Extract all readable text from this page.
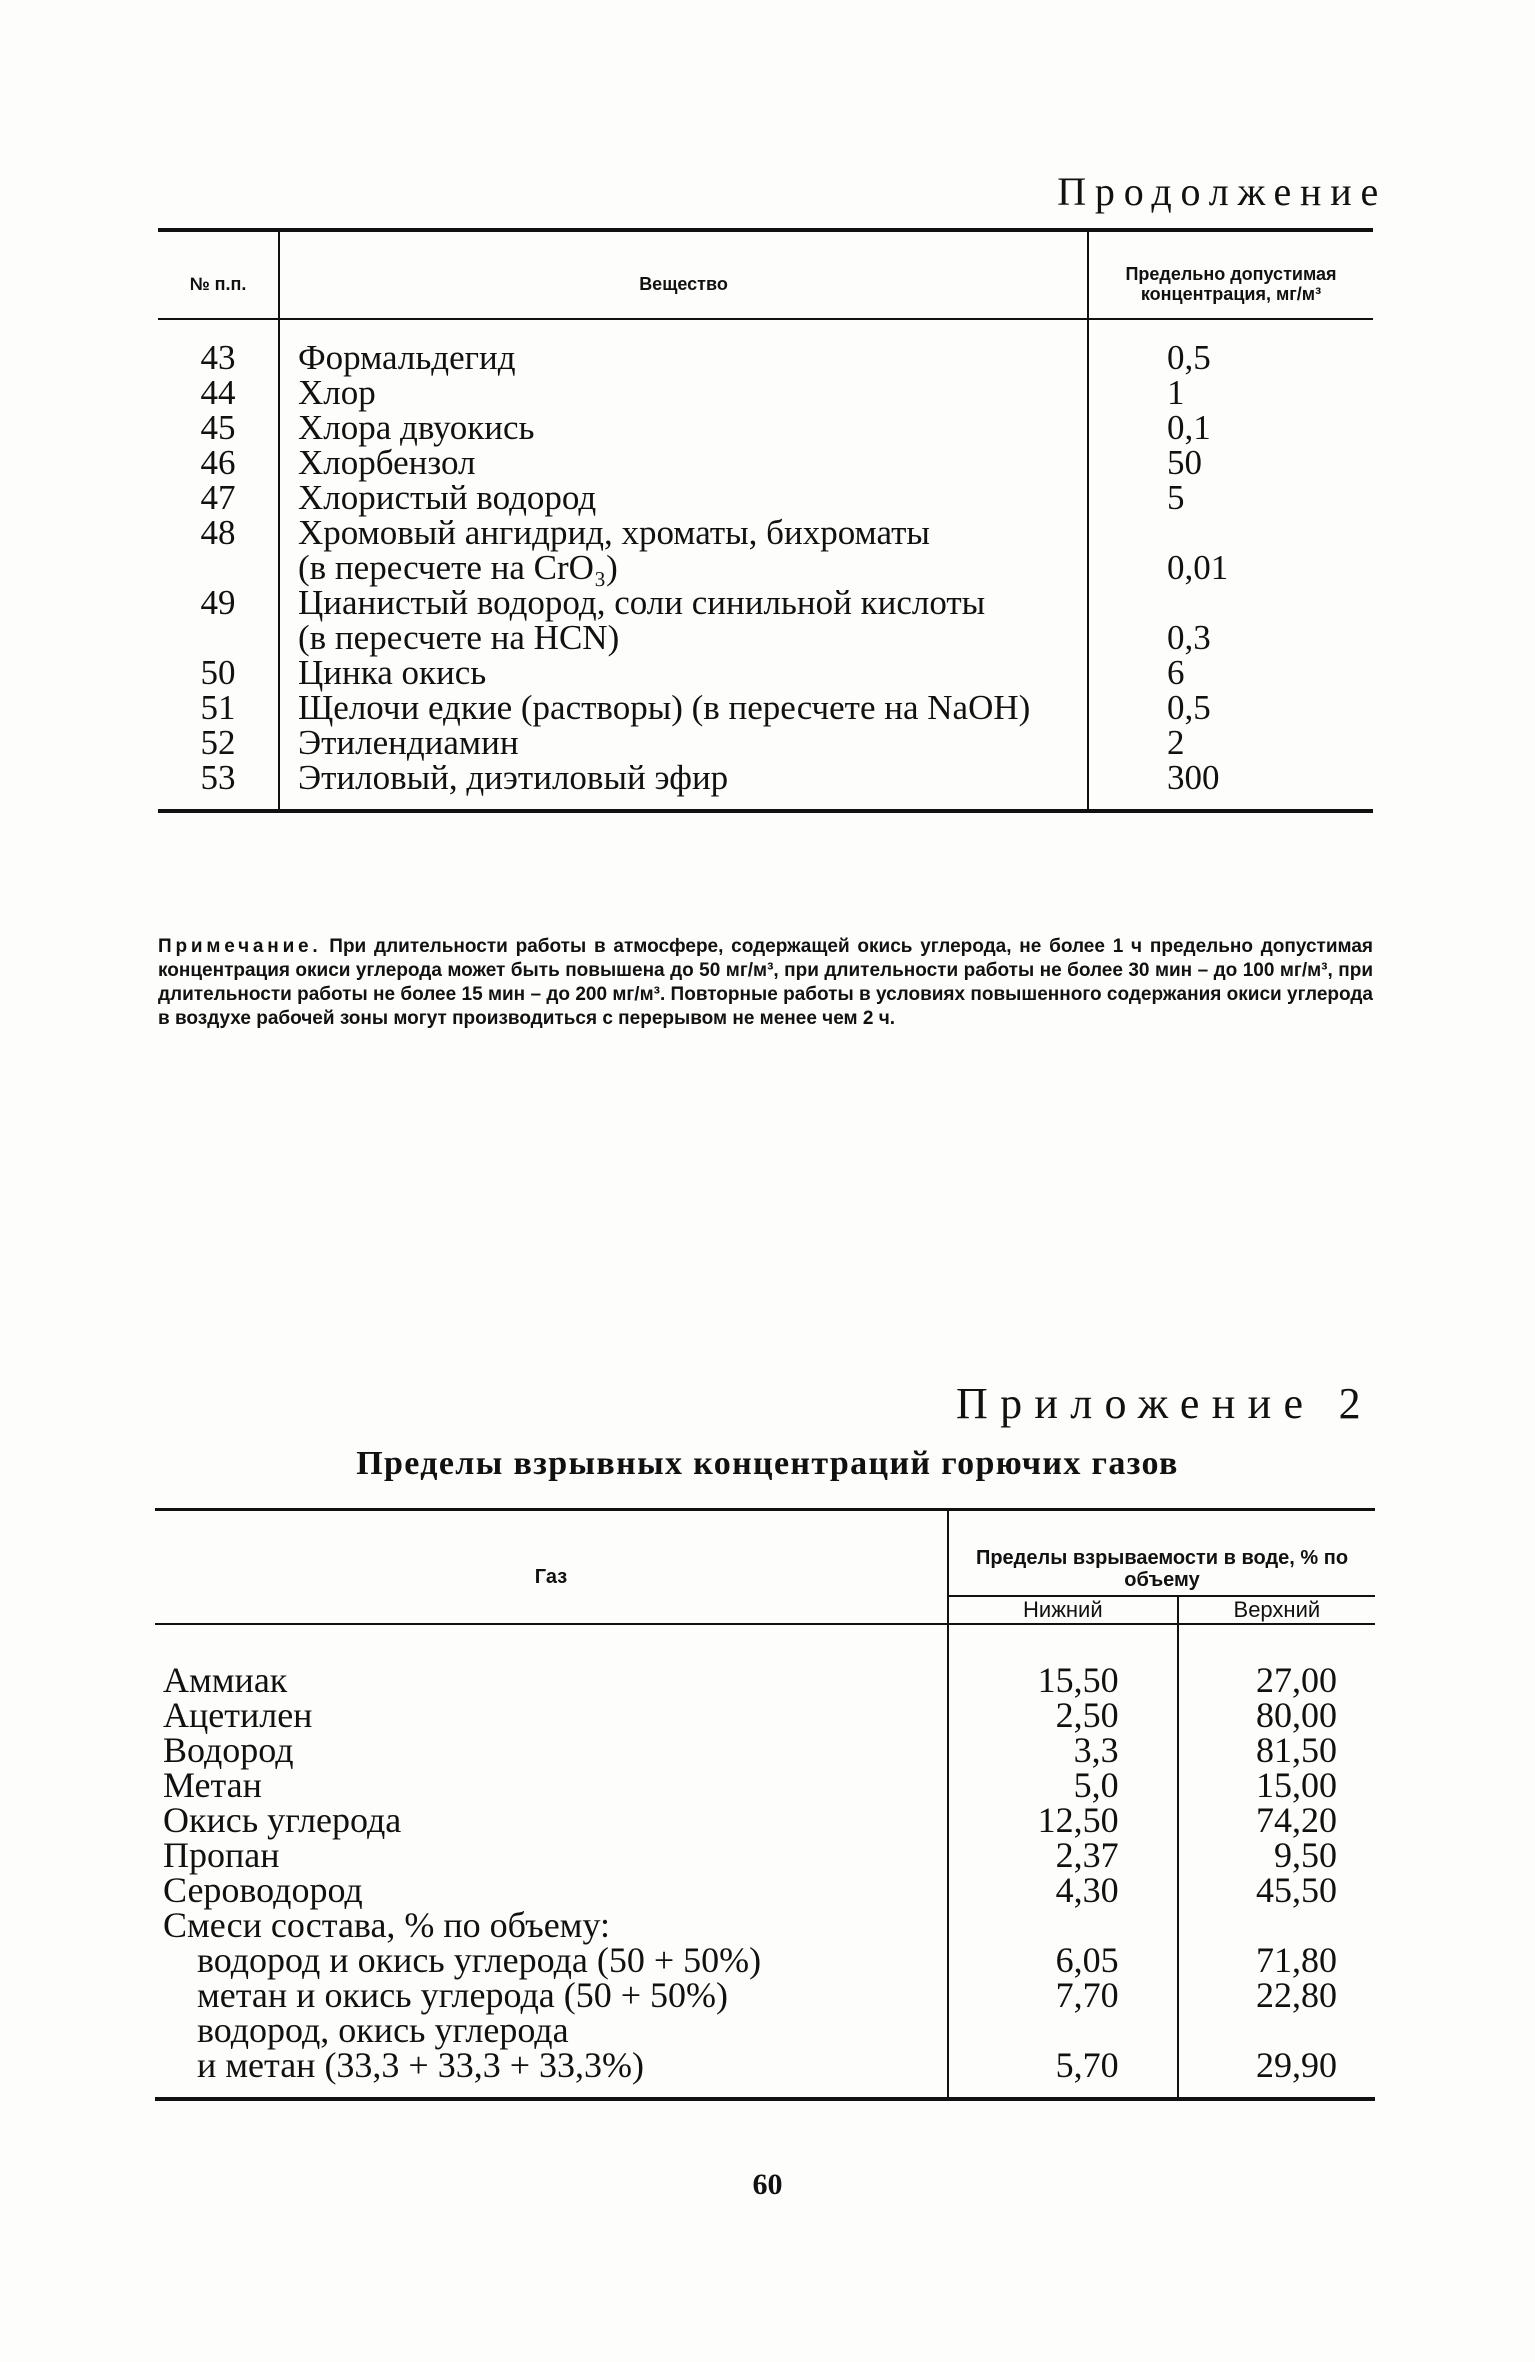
Продолжение
№ п.п.	Вещество	Предельно допустимая концентрация, мг/м³
43	Формальдегид	0,5
44	Хлор	1
45	Хлора двуокись	0,1
46	Хлорбензол	50
47	Хлористый водород	5
48	Хромовый ангидрид, хроматы, бихроматы	
	(в пересчете на CrO₃)	0,01
49	Цианистый водород, соли синильной кислоты	
	(в пересчете на HCN)	0,3
50	Цинка окись	6
51	Щелочи едкие (растворы) (в пересчете на NaOH)	0,5
52	Этилендиамин	2
53	Этиловый, диэтиловый эфир	300
Примечание. При длительности работы в атмосфере, содержащей окись углерода, не более 1 ч предельно допустимая концентрация окиси углерода может быть повышена до 50 мг/м³, при длительности работы не более 30 мин – до 100 мг/м³, при длительности работы не более 15 мин – до 200 мг/м³. Повторные работы в условиях повышенного содержания окиси углерода в воздухе рабочей зоны могут производиться с перерывом не менее чем 2 ч.
Приложение 2
Пределы взрывных концентраций горючих газов
Газ	Пределы взрываемости в воде, % по объему	
	Нижний	Верхний
Аммиак	15,50	27,00
Ацетилен	2,50	80,00
Водород	3,3	81,50
Метан	5,0	15,00
Окись углерода	12,50	74,20
Пропан	2,37	9,50
Сероводород	4,30	45,50
Смеси состава, % по объему:		
водород и окись углерода (50 + 50%)	6,05	71,80
метан и окись углерода (50 + 50%)	7,70	22,80
водород, окись углерода		
и метан (33,3 + 33,3 + 33,3%)	5,70	29,90
60
